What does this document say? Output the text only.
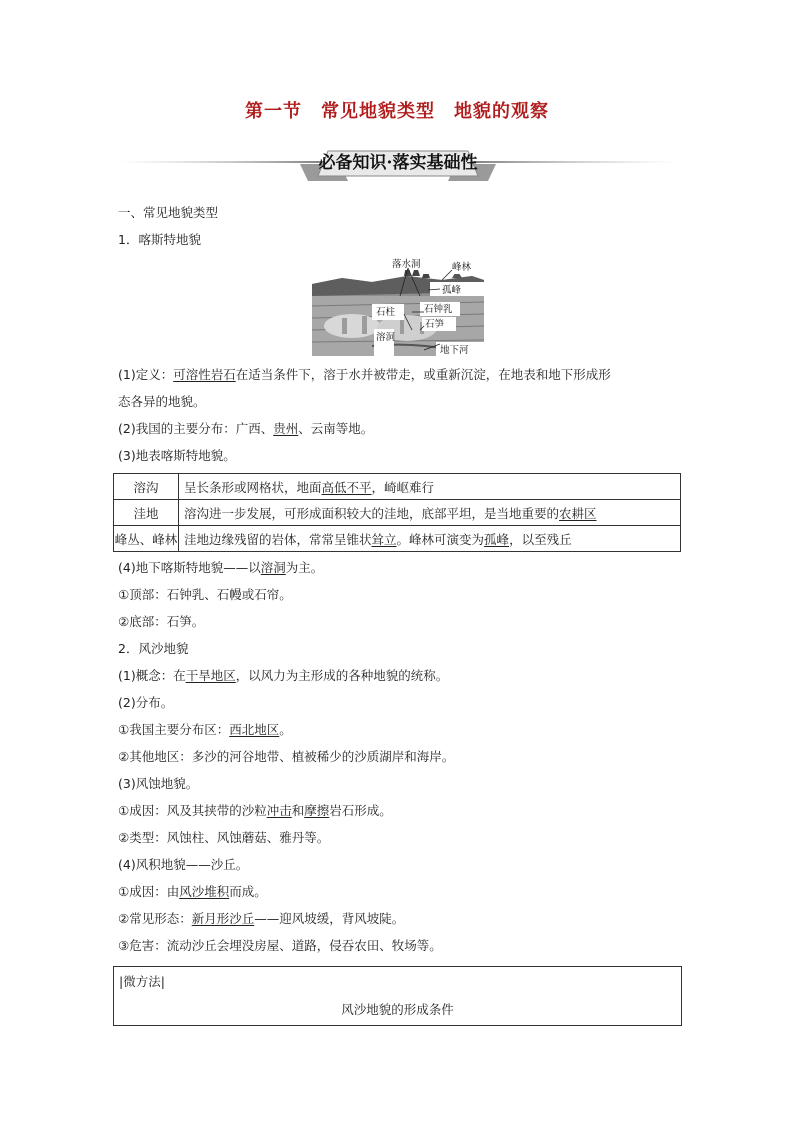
第一节　常见地貌类型　地貌的观察
必备知识·落实基础性
一、常见地貌类型
1．喀斯特地貌
落水洞	峰林
孤峰
石柱	石钟乳
石笋
溶洞
地下河
(1)定义：可溶性岩石在适当条件下，溶于水并被带走，或重新沉淀，在地表和地下形成形
态各异的地貌。
(2)我国的主要分布：广西、贵州、云南等地。
(3)地表喀斯特地貌。
溶沟	呈长条形或网格状，地面高低不平，崎岖难行
洼地	溶沟进一步发展，可形成面积较大的洼地，底部平坦，是当地重要的农耕区
峰丛、峰林	洼地边缘残留的岩体，常常呈锥状耸立。峰林可演变为孤峰，以至残丘
(4)地下喀斯特地貌——以溶洞为主。
①顶部：石钟乳、石幔或石帘。
②底部：石笋。
2．风沙地貌
(1)概念：在干旱地区，以风力为主形成的各种地貌的统称。
(2)分布。
①我国主要分布区：西北地区。
②其他地区：多沙的河谷地带、植被稀少的沙质湖岸和海岸。
(3)风蚀地貌。
①成因：风及其挟带的沙粒冲击和摩擦岩石形成。
②类型：风蚀柱、风蚀蘑菇、雅丹等。
(4)风积地貌——沙丘。
①成因：由风沙堆积而成。
②常见形态：新月形沙丘——迎风坡缓，背风坡陡。
③危害：流动沙丘会埋没房屋、道路，侵吞农田、牧场等。
|微方法|
风沙地貌的形成条件
